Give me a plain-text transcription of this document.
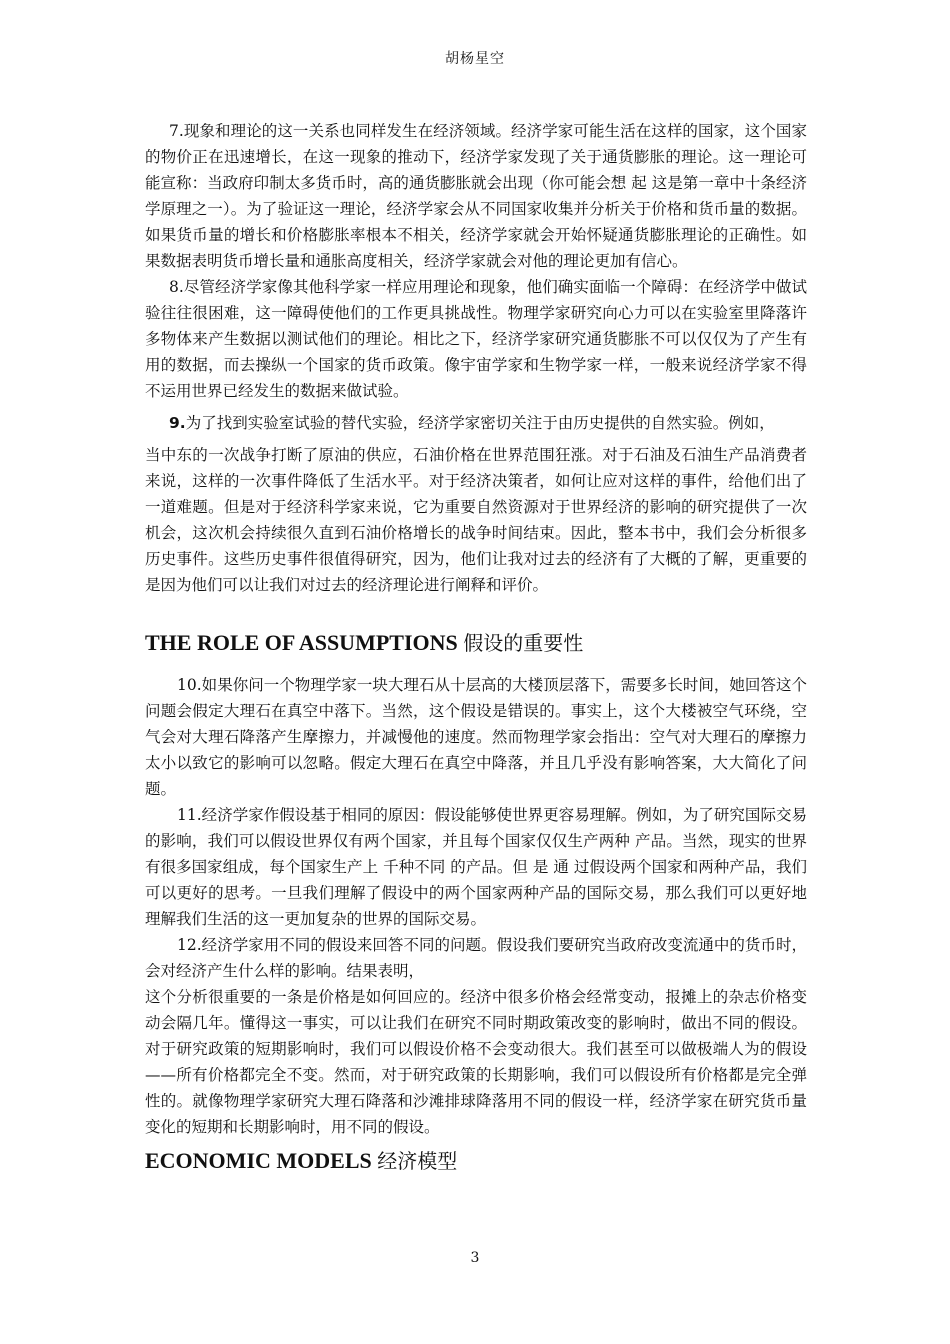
胡杨星空

7.现象和理论的这一关系也同样发生在经济领域。经济学家可能生活在这样的国家，这个国家的物价正在迅速增长，在这一现象的推动下，经济学家发现了关于通货膨胀的理论。这一理论可能宣称：当政府印制太多货币时，高的通货膨胀就会出现（你可能会想 起 这是第一章中十条经济学原理之一）。为了验证这一理论，经济学家会从不同国家收集并分析关于价格和货币量的数据。如果货币量的增长和价格膨胀率根本不相关，经济学家就会开始怀疑通货膨胀理论的正确性。如果数据表明货币增长量和通胀高度相关，经济学家就会对他的理论更加有信心。

8.尽管经济学家像其他科学家一样应用理论和现象，他们确实面临一个障碍：在经济学中做试验往往很困难，这一障碍使他们的工作更具挑战性。物理学家研究向心力可以在实验室里降落许多物体来产生数据以测试他们的理论。相比之下，经济学家研究通货膨胀不可以仅仅为了产生有用的数据，而去操纵一个国家的货币政策。像宇宙学家和生物学家一样，一般来说经济学家不得不运用世界已经发生的数据来做试验。

9.为了找到实验室试验的替代实验，经济学家密切关注于由历史提供的自然实验。例如，

当中东的一次战争打断了原油的供应，石油价格在世界范围狂涨。对于石油及石油生产品消费者来说，这样的一次事件降低了生活水平。对于经济决策者，如何让应对这样的事件，给他们出了一道难题。但是对于经济科学家来说，它为重要自然资源对于世界经济的影响的研究提供了一次机会，这次机会持续很久直到石油价格增长的战争时间结束。因此，整本书中，我们会分析很多历史事件。这些历史事件很值得研究，因为，他们让我对过去的经济有了大概的了解，更重要的是因为他们可以让我们对过去的经济理论进行阐释和评价。

THE ROLE OF ASSUMPTIONS 假设的重要性

10.如果你问一个物理学家一块大理石从十层高的大楼顶层落下，需要多长时间，她回答这个问题会假定大理石在真空中落下。当然，这个假设是错误的。事实上，这个大楼被空气环绕，空气会对大理石降落产生摩擦力，并减慢他的速度。然而物理学家会指出：空气对大理石的摩擦力太小以致它的影响可以忽略。假定大理石在真空中降落，并且几乎没有影响答案，大大简化了问题。

11.经济学家作假设基于相同的原因：假设能够使世界更容易理解。例如，为了研究国际交易的影响，我们可以假设世界仅有两个国家，并且每个国家仅仅生产两种 产品。当然，现实的世界有很多国家组成，每个国家生产上 千种不同 的产品。但 是 通 过假设两个国家和两种产品，我们可以更好的思考。一旦我们理解了假设中的两个国家两种产品的国际交易，那么我们可以更好地理解我们生活的这一更加复杂的世界的国际交易。

12.经济学家用不同的假设来回答不同的问题。假设我们要研究当政府改变流通中的货币时，会对经济产生什么样的影响。结果表明，

这个分析很重要的一条是价格是如何回应的。经济中很多价格会经常变动，报摊上的杂志价格变动会隔几年。懂得这一事实，可以让我们在研究不同时期政策改变的影响时，做出不同的假设。对于研究政策的短期影响时，我们可以假设价格不会变动很大。我们甚至可以做极端人为的假设——所有价格都完全不变。然而，对于研究政策的长期影响，我们可以假设所有价格都是完全弹性的。就像物理学家研究大理石降落和沙滩排球降落用不同的假设一样，经济学家在研究货币量变化的短期和长期影响时，用不同的假设。

ECONOMIC MODELS 经济模型
3
